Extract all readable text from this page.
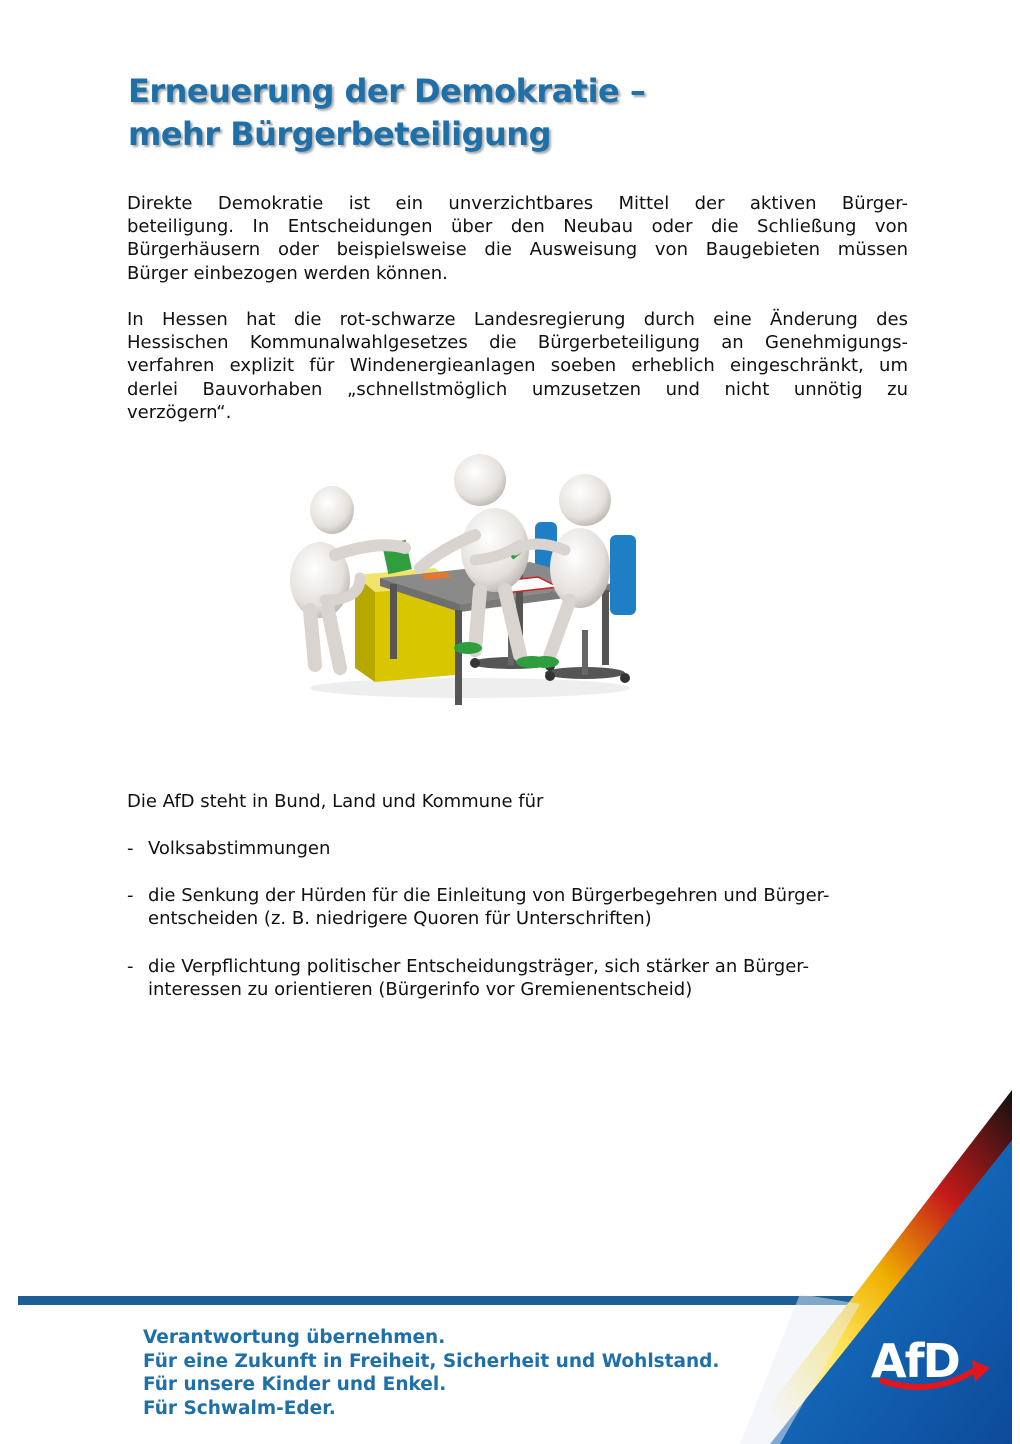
Erneuerung der Demokratie –
mehr Bürgerbeteiligung
Direkte Demokratie ist ein unverzichtbares Mittel der aktiven Bürger-
beteiligung. In Entscheidungen über den Neubau oder die Schließung von
Bürgerhäusern oder beispielsweise die Ausweisung von Baugebieten müssen
Bürger einbezogen werden können.
In Hessen hat die rot-schwarze Landesregierung durch eine Änderung des
Hessischen Kommunalwahlgesetzes die Bürgerbeteiligung an Genehmigungs-
verfahren explizit für Windenergieanlagen soeben erheblich eingeschränkt, um
derlei Bauvorhaben „schnellstmöglich umzusetzen und nicht unnötig zu
verzögern“.

Die AfD steht in Bund, Land und Kommune für

- Volksabstimmungen
- die Senkung der Hürden für die Einleitung von Bürgerbegehren und Bürger-
entscheiden (z. B. niedrigere Quoren für Unterschriften)
- die Verpflichtung politischer Entscheidungsträger, sich stärker an Bürger-
interessen zu orientieren (Bürgerinfo vor Gremienentscheid)
AfD

Verantwortung übernehmen.
Für eine Zukunft in Freiheit, Sicherheit und Wohlstand.
Für unsere Kinder und Enkel.
Für Schwalm-Eder.
